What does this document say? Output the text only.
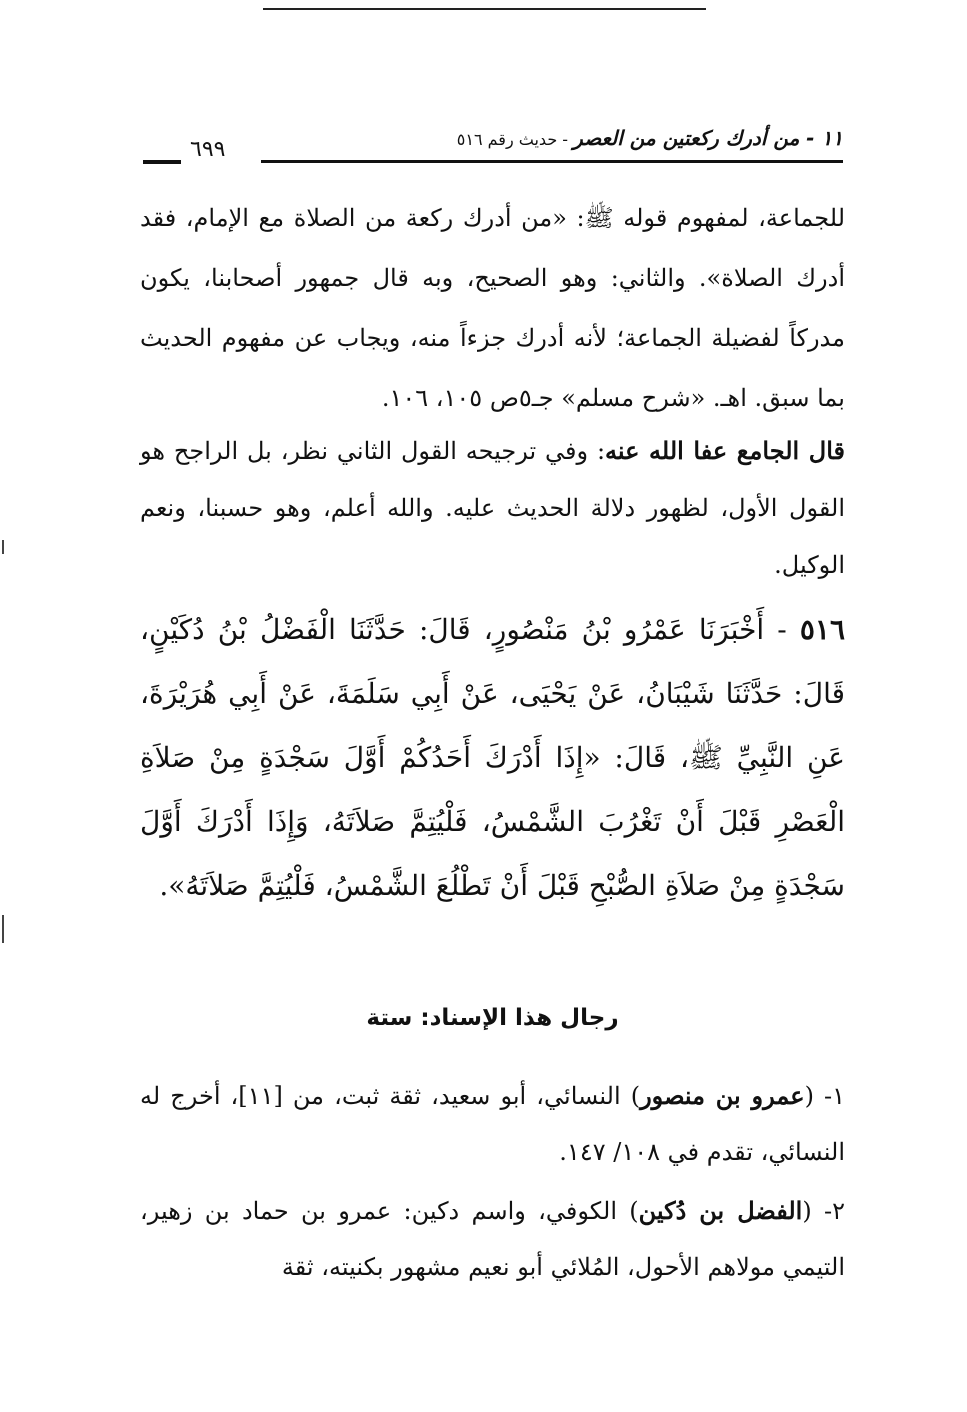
١١ - من أدرك ركعتين من العصر - حديث رقم ٥١٦
٦٩٩

للجماعة، لمفهوم قوله ﷺ: «من أدرك ركعة من الصلاة مع الإمام، فقد أدرك الصلاة». والثاني: وهو الصحيح، وبه قال جمهور أصحابنا، يكون مدركاً لفضيلة الجماعة؛ لأنه أدرك جزءاً منه، ويجاب عن مفهوم الحديث بما سبق. اهـ. «شرح مسلم» جـ٥ص ١٠٥، ١٠٦.

قال الجامع عفا الله عنه: وفي ترجيحه القول الثاني نظر، بل الراجح هو القول الأول، لظهور دلالة الحديث عليه. والله أعلم، وهو حسبنا، ونعم الوكيل.

٥١٦ - أَخْبَرَنَا عَمْرُو بْنُ مَنْصُورٍ، قَالَ: حَدَّثَنَا الْفَضْلُ بْنُ دُكَيْنٍ، قَالَ: حَدَّثَنَا شَيْبَانُ، عَنْ يَحْيَى، عَنْ أَبِي سَلَمَةَ، عَنْ أَبِي هُرَيْرَةَ، عَنِ النَّبِيِّ ﷺ، قَالَ: «إِذَا أَدْرَكَ أَحَدُكُمْ أَوَّلَ سَجْدَةٍ مِنْ صَلاَةِ الْعَصْرِ قَبْلَ أَنْ تَغْرُبَ الشَّمْسُ، فَلْيُتِمَّ صَلاَتَهُ، وَإِذَا أَدْرَكَ أَوَّلَ سَجْدَةٍ مِنْ صَلاَةِ الصُّبْحِ قَبْلَ أَنْ تَطْلُعَ الشَّمْسُ، فَلْيُتِمَّ صَلاَتَهُ».

رجال هذا الإسناد: ستة

١- (عمرو بن منصور) النسائي، أبو سعيد، ثقة ثبت، من [١١]، أخرج له النسائي، تقدم في ١٠٨/ ١٤٧.

٢- (الفضل بن دُكين) الكوفي، واسم دكين: عمرو بن حماد بن زهير، التيمي مولاهم الأحول، المُلائي أبو نعيم مشهور بكنيته، ثقة
